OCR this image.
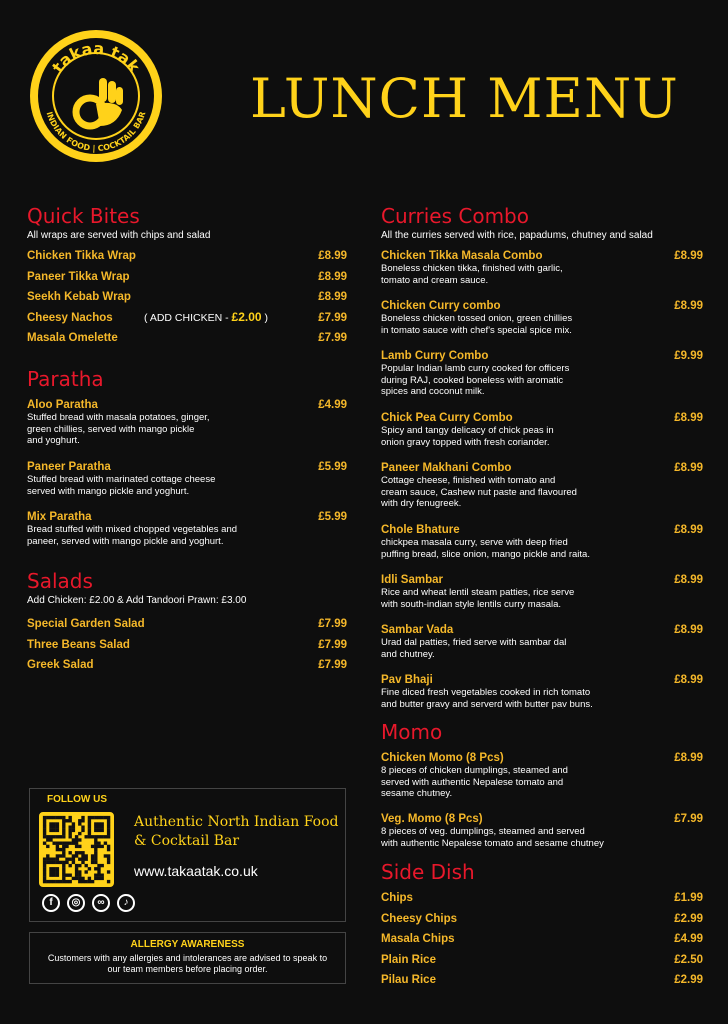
takaa tak
INDIAN FOOD | COCKTAIL BAR LUNCH MENU
Quick Bites
All wraps are served with chips and salad
Chicken Tikka Wrap	£8.99
Paneer Tikka Wrap	£8.99
Seekh Kebab Wrap	£8.99
Cheesy Nachos	£7.99
Masala Omelette	£7.99
Paratha
Aloo Paratha	£4.99
Stuffed bread with masala potatoes, ginger,
green chillies, served with mango pickle
and yoghurt.
Paneer Paratha	£5.99
Stuffed bread with marinated cottage cheese
served with mango pickle and yoghurt.
Mix Paratha	£5.99
Bread stuffed with mixed chopped vegetables and
paneer, served with mango pickle and yoghurt.
Salads
Add Chicken: £2.00 & Add Tandoori Prawn: £3.00
Special Garden Salad	£7.99
Three Beans Salad	£7.99
Greek Salad	£7.99
Curries Combo
All the curries served with rice, papadums, chutney and salad
Chicken Tikka Masala Combo	£8.99
Boneless chicken tikka, finished with garlic,
tomato and cream sauce.
Chicken Curry combo	£8.99
Boneless chicken tossed onion, green chillies
in tomato sauce with chef's special spice mix.
Lamb Curry Combo	£9.99
Popular Indian lamb curry cooked for officers
during RAJ, cooked boneless with aromatic
spices and coconut milk.
Chick Pea Curry Combo	£8.99
Spicy and tangy delicacy of chick peas in
onion gravy topped with fresh coriander.
Paneer Makhani Combo	£8.99
Cottage cheese, finished with tomato and
cream sauce, Cashew nut paste and flavoured
with dry fenugreek.
Chole Bhature	£8.99
chickpea masala curry, serve with deep fried
puffing bread, slice onion, mango pickle and raita.
Idli Sambar	£8.99
Rice and wheat lentil steam patties, rice serve
with south-indian style lentils curry masala.
Sambar Vada	£8.99
Urad dal patties, fried serve with sambar dal
and chutney.
Pav Bhaji	£8.99
Fine diced fresh vegetables cooked in rich tomato
and butter gravy and serverd with butter pav buns.
Momo
Chicken Momo (8 Pcs)	£8.99
8 pieces of chicken dumplings, steamed and
served with authentic Nepalese tomato and
sesame chutney.
Veg. Momo (8 Pcs)	£7.99
8 pieces of veg. dumplings, steamed and served
with authentic Nepalese tomato and sesame chutney
Side Dish
Chips	£1.99
Cheesy Chips	£2.99
Masala Chips	£4.99
Plain Rice	£2.50
Pilau Rice	£2.99
( ADD CHICKEN - £2.00 )
FOLLOW US
Authentic North Indian Food
& Cocktail Bar
www.takaatak.co.uk
f	◎	∞	♪
ALLERGY AWARENESS
Customers with any allergies and intolerances are advised to speak to
our team members before placing order.
